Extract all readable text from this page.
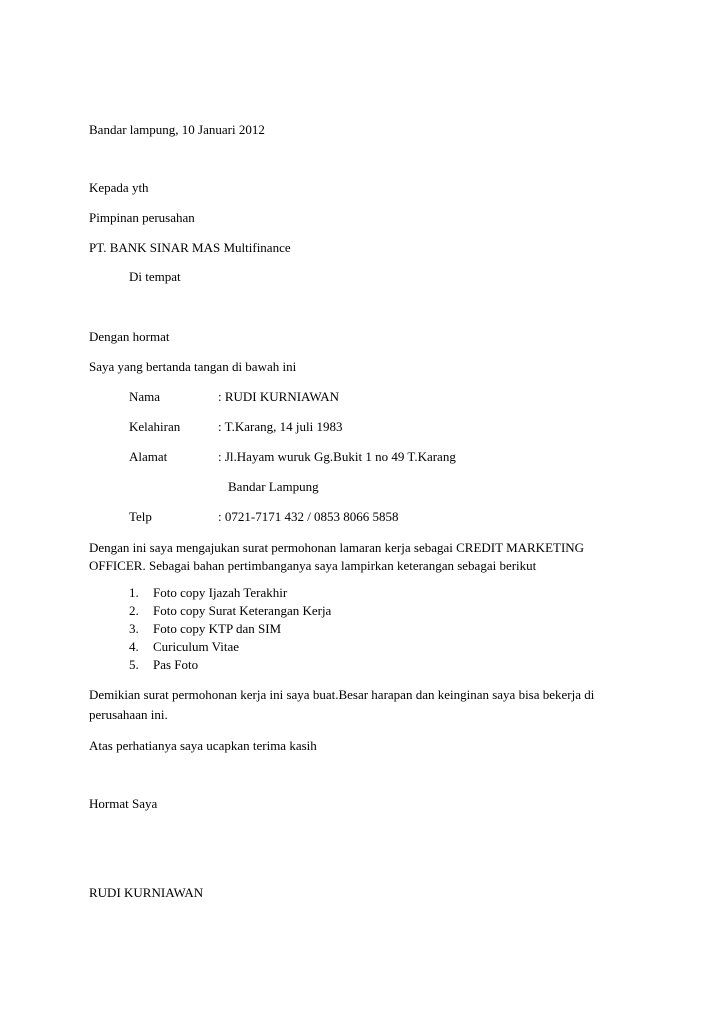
Bandar lampung, 10 Januari 2012
Kepada yth
Pimpinan perusahan
PT. BANK SINAR MAS Multifinance
Di tempat
Dengan hormat
Saya yang bertanda tangan di bawah ini
Nama	: RUDI KURNIAWAN
Kelahiran	: T.Karang, 14 juli 1983
Alamat	: Jl.Hayam wuruk Gg.Bukit 1 no 49 T.Karang
Bandar Lampung
Telp	: 0721-7171 432 / 0853 8066 5858
Dengan ini saya mengajukan surat permohonan lamaran kerja sebagai CREDIT MARKETING
OFFICER. Sebagai bahan pertimbanganya saya lampirkan keterangan sebagai berikut
1. Foto copy Ijazah Terakhir
2. Foto copy Surat Keterangan Kerja
3. Foto copy KTP dan SIM
4. Curiculum Vitae
5. Pas Foto
Demikian surat permohonan kerja ini saya buat.Besar harapan dan keinginan saya bisa bekerja di
perusahaan ini.
Atas perhatianya saya ucapkan terima kasih
Hormat Saya
RUDI KURNIAWAN
